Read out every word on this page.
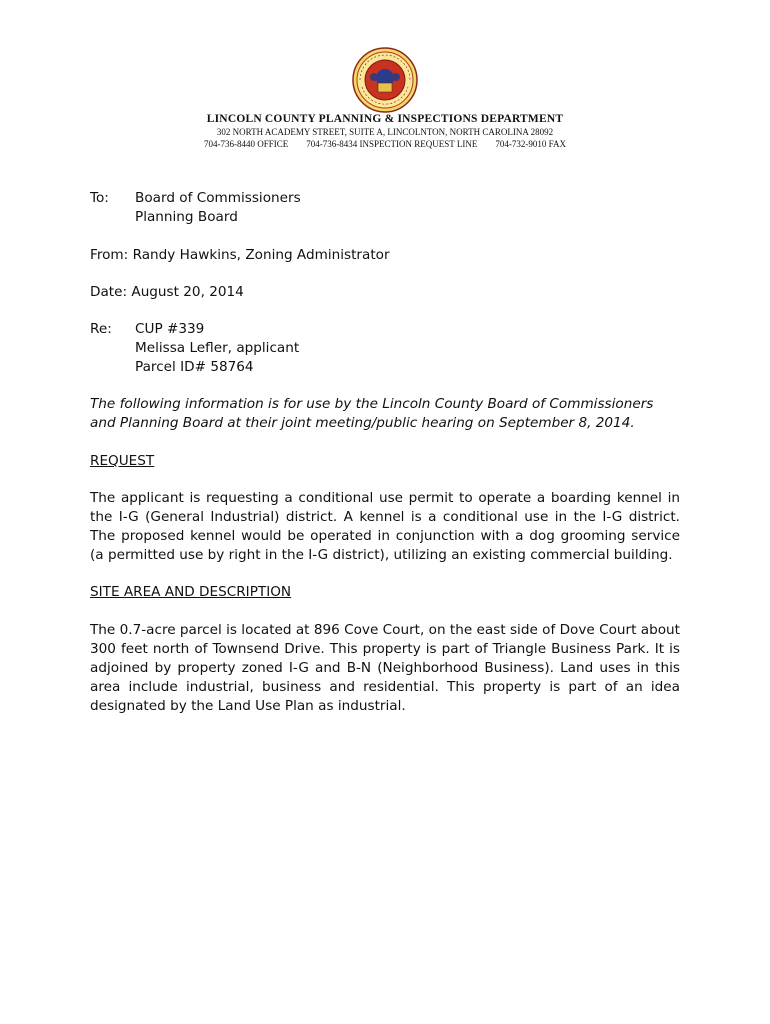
LINCOLN COUNTY PLANNING & INSPECTIONS DEPARTMENT
302 NORTH ACADEMY STREET, SUITE A, LINCOLNTON, NORTH CAROLINA 28092
704-736-8440 OFFICE 704-736-8434 INSPECTION REQUEST LINE 704-732-9010 FAX
To: Board of Commissioners
Planning Board
From: Randy Hawkins, Zoning Administrator
Date: August 20, 2014
Re: CUP #339
Melissa Lefler, applicant
Parcel ID# 58764
The following information is for use by the Lincoln County Board of Commissioners and Planning Board at their joint meeting/public hearing on September 8, 2014.
REQUEST
The applicant is requesting a conditional use permit to operate a boarding kennel in the I-G (General Industrial) district. A kennel is a conditional use in the I-G district. The proposed kennel would be operated in conjunction with a dog grooming service (a permitted use by right in the I-G district), utilizing an existing commercial building.
SITE AREA AND DESCRIPTION
The 0.7-acre parcel is located at 896 Cove Court, on the east side of Dove Court about 300 feet north of Townsend Drive. This property is part of Triangle Business Park. It is adjoined by property zoned I-G and B-N (Neighborhood Business). Land uses in this area include industrial, business and residential. This property is part of an idea designated by the Land Use Plan as industrial.
